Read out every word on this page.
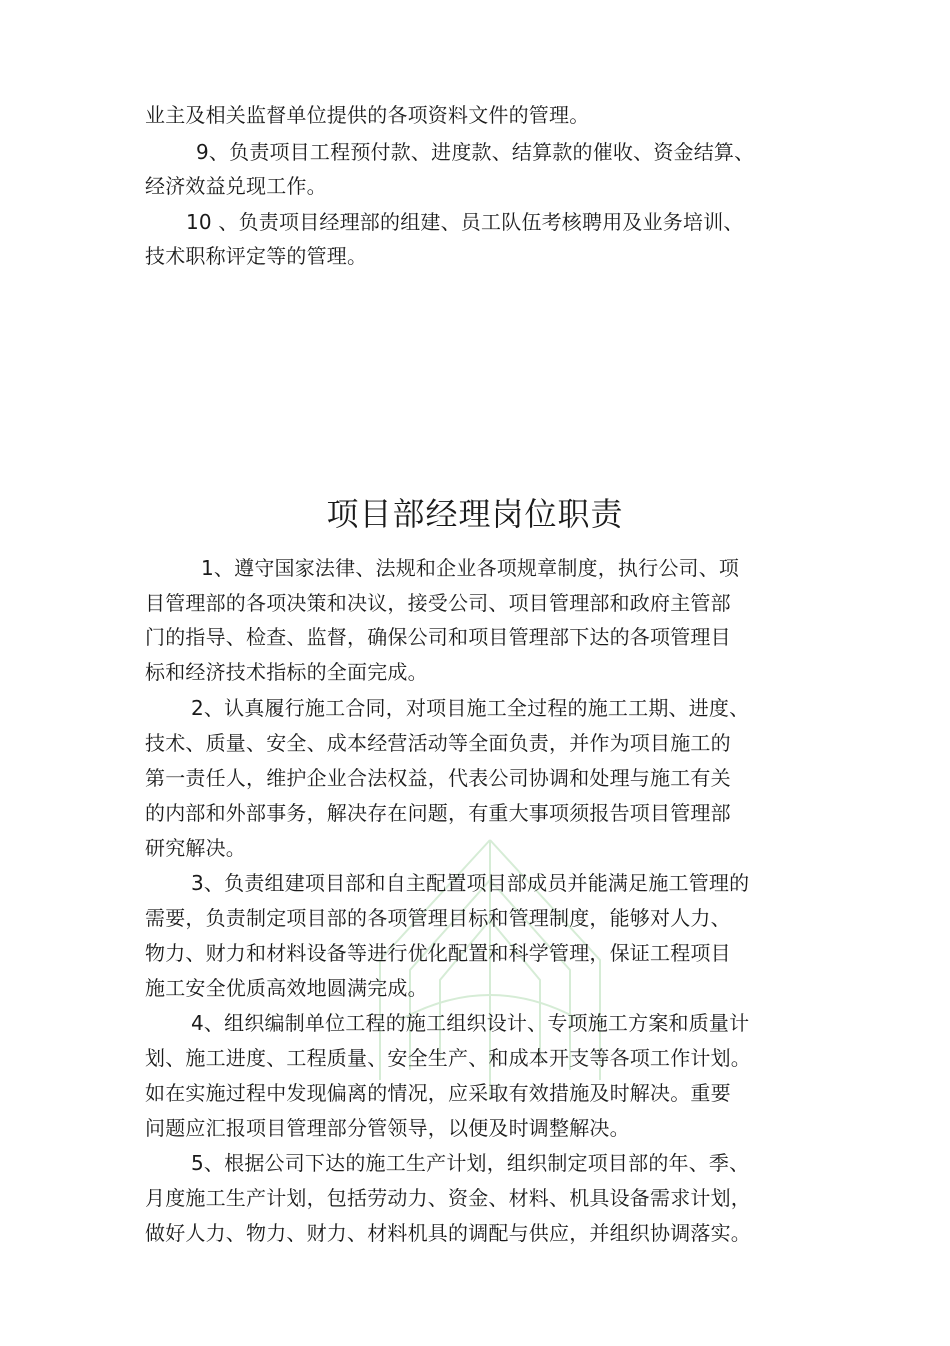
业主及相关监督单位提供的各项资料文件的管理。
9、负责项目工程预付款、进度款、结算款的催收、资金结算、
经济效益兑现工作。
10 、负责项目经理部的组建、员工队伍考核聘用及业务培训、
技术职称评定等的管理。
项目部经理岗位职责
1、遵守国家法律、法规和企业各项规章制度，执行公司、项
目管理部的各项决策和决议，接受公司、项目管理部和政府主管部
门的指导、检查、监督，确保公司和项目管理部下达的各项管理目
标和经济技术指标的全面完成。
2、认真履行施工合同，对项目施工全过程的施工工期、进度、
技术、质量、安全、成本经营活动等全面负责，并作为项目施工的
第一责任人，维护企业合法权益，代表公司协调和处理与施工有关
的内部和外部事务，解决存在问题，有重大事项须报告项目管理部
研究解决。
3、负责组建项目部和自主配置项目部成员并能满足施工管理的
需要，负责制定项目部的各项管理目标和管理制度，能够对人力、
物力、财力和材料设备等进行优化配置和科学管理，保证工程项目
施工安全优质高效地圆满完成。
4、组织编制单位工程的施工组织设计、专项施工方案和质量计
划、施工进度、工程质量、安全生产、和成本开支等各项工作计划。
如在实施过程中发现偏离的情况，应采取有效措施及时解决。重要
问题应汇报项目管理部分管领导，以便及时调整解决。
5、根据公司下达的施工生产计划，组织制定项目部的年、季、
月度施工生产计划，包括劳动力、资金、材料、机具设备需求计划，
做好人力、物力、财力、材料机具的调配与供应，并组织协调落实。
